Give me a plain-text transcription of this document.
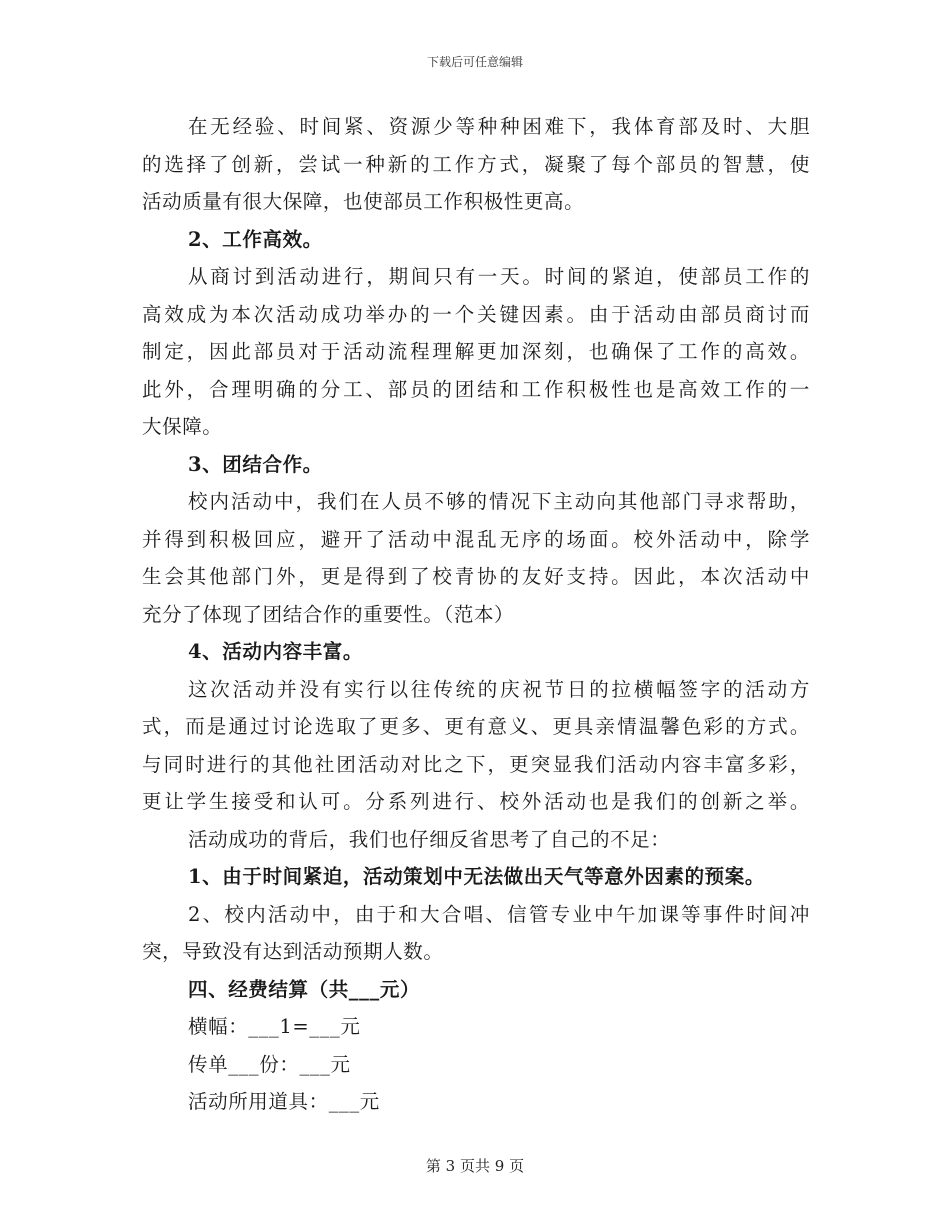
下载后可任意编辑
在无经验、时间紧、资源少等种种困难下，我体育部及时、大胆
的选择了创新，尝试一种新的工作方式，凝聚了每个部员的智慧，使
活动质量有很大保障，也使部员工作积极性更高。
2、工作高效。
从商讨到活动进行，期间只有一天。时间的紧迫，使部员工作的
高效成为本次活动成功举办的一个关键因素。由于活动由部员商讨而
制定，因此部员对于活动流程理解更加深刻，也确保了工作的高效。
此外，合理明确的分工、部员的团结和工作积极性也是高效工作的一
大保障。
3、团结合作。
校内活动中，我们在人员不够的情况下主动向其他部门寻求帮助，
并得到积极回应，避开了活动中混乱无序的场面。校外活动中，除学
生会其他部门外，更是得到了校青协的友好支持。因此，本次活动中
充分了体现了团结合作的重要性。（范本）
4、活动内容丰富。
这次活动并没有实行以往传统的庆祝节日的拉横幅签字的活动方
式，而是通过讨论选取了更多、更有意义、更具亲情温馨色彩的方式。
与同时进行的其他社团活动对比之下，更突显我们活动内容丰富多彩，
更让学生接受和认可。分系列进行、校外活动也是我们的创新之举。
活动成功的背后，我们也仔细反省思考了自己的不足：
1、由于时间紧迫，活动策划中无法做出天气等意外因素的预案。
2、校内活动中，由于和大合唱、信管专业中午加课等事件时间冲
突，导致没有达到活动预期人数。
四、经费结算（共___元）
横幅：___1=___元
传单___份：___元
活动所用道具：___元
第 3 页共 9 页
